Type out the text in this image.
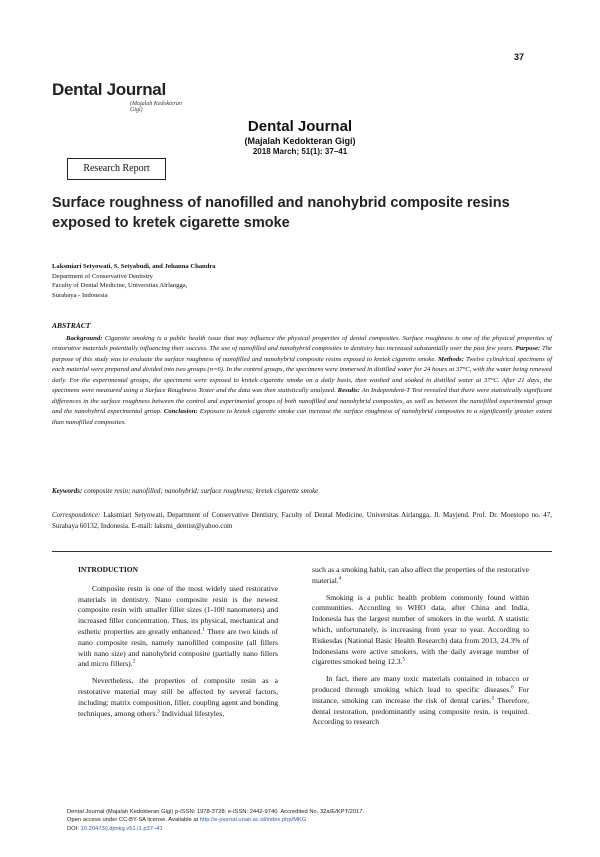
37
Dental Journal
(Majalah Kedokteran Gigi)
Dental Journal
(Majalah Kedokteran Gigi)
2018 March; 51(1): 37–41
Research Report
Surface roughness of nanofilled and nanohybrid composite resins exposed to kretek cigarette smoke
Laksmiari Setyowati, S. Setyabudi, and Johanna Chandra
Department of Conservative Dentistry
Faculty of Dental Medicine, Universitas Airlangga,
Surabaya - Indonesia
ABSTRACT
Background: Cigarette smoking is a public health issue that may influence the physical properties of dental composites. Surface roughness is one of the physical properties of restorative materials potentially influencing their success. The use of nanofilled and nanohybrid composites in dentistry has increased substantially over the past few years. Purpose: The purpose of this study was to evaluate the surface roughness of nanofilled and nanohybrid composite resins exposed to kretek cigarette smoke. Methods: Twelve cylindrical specimens of each material were prepared and divided into two groups (n=6). In the control groups, the specimens were immersed in distilled water for 24 hours at 37°C, with the water being renewed daily. For the experimental groups, the specimens were exposed to kretek cigarette smoke on a daily basis, then washed and soaked in distilled water at 37°C. After 21 days, the specimens were measured using a Surface Roughness Tester and the data was then statistically analyzed. Results: An Independent-T Test revealed that there were statistically significant differences in the surface roughness between the control and experimental groups of both nanofilled and nanohybrid composites, as well as between the nanofilled experimental group and the nanohybrid experimental group. Conclusion: Exposure to kretek cigarette smoke can increase the surface roughness of nanohybrid composites to a significantly greater extent than nanofilled composites.
Keywords: composite resin; nanofilled; nanohybrid; surface roughness; kretek cigarette smoke
Correspondence: Laksmiari Setyowati, Department of Conservative Dentistry, Faculty of Dental Medicine, Universitas Airlangga, Jl. Mayjend. Prof. Dr. Moestopo no. 47, Surabaya 60132, Indonesia. E-mail: laksmi_dentist@yahoo.com
INTRODUCTION

Composite resin is one of the most widely used restorative materials in dentistry. Nano composite resin is the newest composite resin with smaller filler sizes (1-100 nanometers) and increased filler concentration. Thus, its physical, mechanical and esthetic properties are greatly enhanced.$^1$ There are two kinds of nano composite resin, namely nanofilled composite (all fillers with nano size) and nanohybrid composite (partially nano fillers and micro fillers).$^2$

Nevertheless, the properties of composite resin as a restorative material may still be affected by several factors, including: matrix composition, filler, coupling agent and bonding techniques, among others.$^3$ Individual lifestyles,

such as a smoking habit, can also affect the properties of the restorative material.$^4$

Smoking is a public health problem commonly found within communities. According to WHO data, after China and India, Indonesia has the largest number of smokers in the world. A statistic which, unfortunately, is increasing from year to year. According to Riskesdas (National Basic Health Research) data from 2013, 24.3% of Indonesians were active smokers, with the daily average number of cigarettes smoked being 12.3.$^5$

In fact, there are many toxic materials contained in tobacco or produced through smoking which lead to specific diseases.$^6$ For instance, smoking can increase the risk of dental caries.$^3$ Therefore, dental restoration, predominantly using composite resin, is required. According to research

Dental Journal (Majalah Kedokteran Gigi) p-ISSN: 1978-3728; e-ISSN: 2442-9740. Accredited No. 32a/E/KPT/2017.
Open access under CC-BY-SA license. Available at http://e-journal.unair.ac.id/index.php/MKG
DOI: 10.20473/j.djmkg.v51.i1.p37–41
